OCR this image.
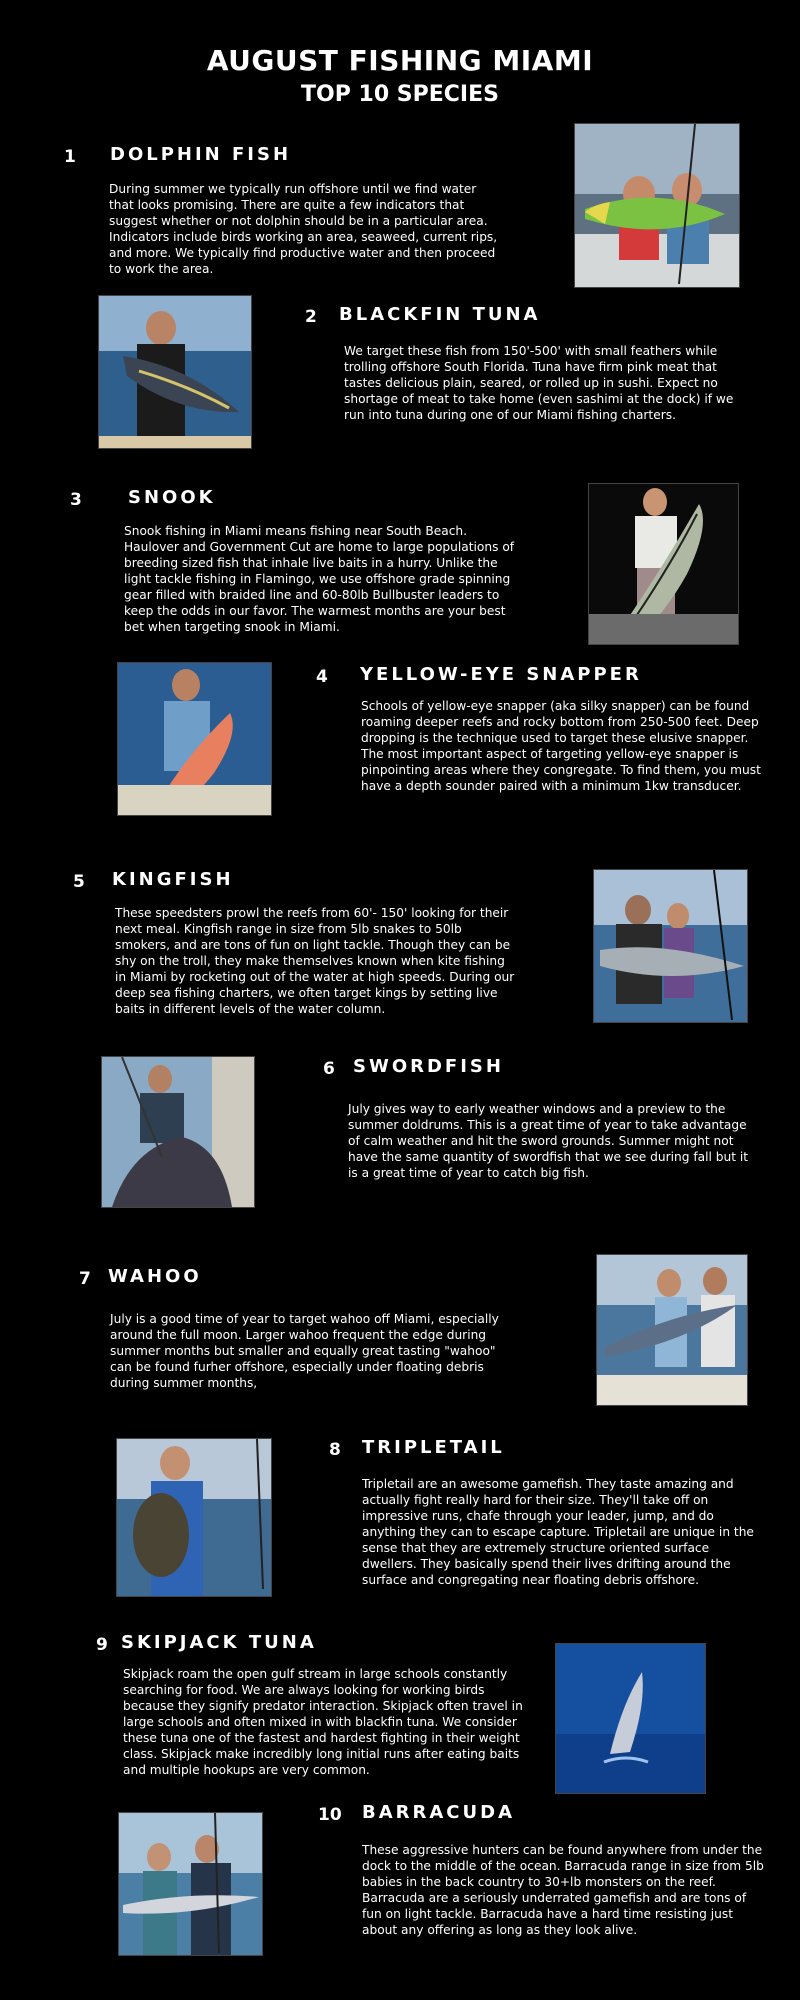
AUGUST FISHING MIAMI
TOP 10 SPECIES
1 DOLPHIN FISH

During summer we typically run offshore until we find water that looks promising. There are quite a few indicators that suggest whether or not dolphin should be in a particular area. Indicators include birds working an area, seaweed, current rips, and more. We typically find productive water and then proceed to work the area.

2 BLACKFIN TUNA

We target these fish from 150'-500' with small feathers while trolling offshore South Florida. Tuna have firm pink meat that tastes delicious plain, seared, or rolled up in sushi. Expect no shortage of meat to take home (even sashimi at the dock) if we run into tuna during one of our Miami fishing charters.

3	SNOOK

Snook fishing in Miami means fishing near South Beach. Haulover and Government Cut are home to large populations of breeding sized fish that inhale live baits in a hurry. Unlike the light tackle fishing in Flamingo, we use offshore grade spinning gear filled with braided line and 60-80lb Bullbuster leaders to keep the odds in our favor. The warmest months are your best bet when targeting snook in Miami.

4 YELLOW-EYE SNAPPER

Schools of yellow-eye snapper (aka silky snapper) can be found roaming deeper reefs and rocky bottom from 250-500 feet. Deep dropping is the technique used to target these elusive snapper. The most important aspect of targeting yellow-eye snapper is pinpointing areas where they congregate. To find them, you must have a depth sounder paired with a minimum 1kw transducer.

5 KINGFISH

These speedsters prowl the reefs from 60'- 150' looking for their next meal. Kingfish range in size from 5lb snakes to 50lb smokers, and are tons of fun on light tackle. Though they can be shy on the troll, they make themselves known when kite fishing in Miami by rocketing out of the water at high speeds. During our deep sea fishing charters, we often target kings by setting live baits in different levels of the water column.

6 SWORDFISH

July gives way to early weather windows and a preview to the summer doldrums. This is a great time of year to take advantage of calm weather and hit the sword grounds. Summer might not have the same quantity of swordfish that we see during fall but it is a great time of year to catch big fish.

7 WAHOO

July is a good time of year to target wahoo off Miami, especially around the full moon. Larger wahoo frequent the edge during summer months but smaller and equally great tasting "wahoo" can be found furher offshore, especially under floating debris during summer months,

8 TRIPLETAIL

Tripletail are an awesome gamefish. They taste amazing and actually fight really hard for their size. They'll take off on impressive runs, chafe through your leader, jump, and do anything they can to escape capture. Tripletail are unique in the sense that they are extremely structure oriented surface dwellers. They basically spend their lives drifting around the surface and congregating near floating debris offshore.

9 SKIPJACK TUNA

Skipjack roam the open gulf stream in large schools constantly searching for food. We are always looking for working birds because they signify predator interaction. Skipjack often travel in large schools and often mixed in with blackfin tuna. We consider these tuna one of the fastest and hardest fighting in their weight class. Skipjack make incredibly long initial runs after eating baits and multiple hookups are very common.

10 BARRACUDA

These aggressive hunters can be found anywhere from under the dock to the middle of the ocean. Barracuda range in size from 5lb babies in the back country to 30+lb monsters on the reef. Barracuda are a seriously underrated gamefish and are tons of fun on light tackle. Barracuda have a hard time resisting just about any offering as long as they look alive.
